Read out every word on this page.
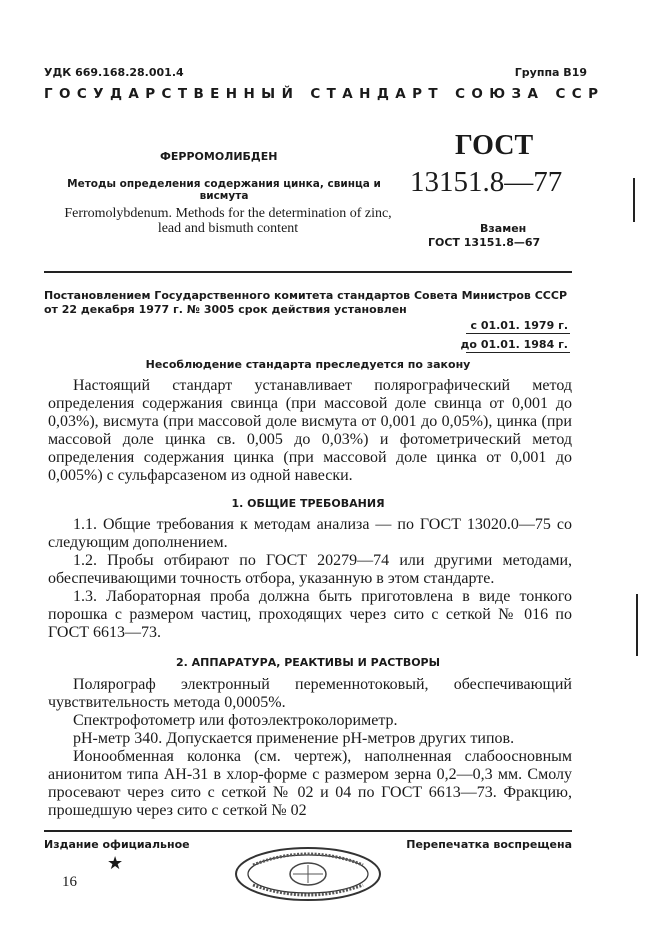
УДК 669.168.28.001.4	Группа В19
ГОСУДАРСТВЕННЫЙ СТАНДАРТ СОЮЗА ССР
ФЕРРОМОЛИБДЕН
Методы определения содержания цинка, свинца и висмута
Ferromolybdenum. Methods for the determination of zinc, lead and bismuth content
ГОСТ
13151.8—77
Взамен
ГОСТ 13151.8—67
Постановлением Государственного комитета стандартов Совета Министров СССР от 22 декабря 1977 г. № 3005 срок действия установлен
с 01.01. 1979 г.
до 01.01. 1984 г.
Несоблюдение стандарта преследуется по закону

Настоящий стандарт устанавливает полярографический метод определения содержания свинца (при массовой доле свинца от 0,001 до 0,03%), висмута (при массовой доле висмута от 0,001 до 0,05%), цинка (при массовой доле цинка св. 0,005 до 0,03%) и фотометрический метод определения содержания цинка (при массовой доле цинка от 0,001 до 0,005%) с сульфарсазеном из одной навески.

1. ОБЩИЕ ТРЕБОВАНИЯ

1.1. Общие требования к методам анализа — по ГОСТ 13020.0—75 со следующим дополнением.

1.2. Пробы отбирают по ГОСТ 20279—74 или другими методами, обеспечивающими точность отбора, указанную в этом стандарте.

1.3. Лабораторная проба должна быть приготовлена в виде тонкого порошка с размером частиц, проходящих через сито с сеткой № 016 по ГОСТ 6613—73.

2. АППАРАТУРА, РЕАКТИВЫ И РАСТВОРЫ

Полярограф электронный переменнотоковый, обеспечивающий чувствительность метода 0,0005%.

Спектрофотометр или фотоэлектроколориметр.

pH-метр 340. Допускается применение pH-метров других типов.

Ионообменная колонка (см. чертеж), наполненная слабоосновным анионитом типа АН-31 в хлор-форме с размером зерна 0,2—0,3 мм. Смолу просевают через сито с сеткой № 02 и 04 по ГОСТ 6613—73. Фракцию, прошедшую через сито с сеткой № 02

Издание официальное
★
Перепечатка воспрещена
16
